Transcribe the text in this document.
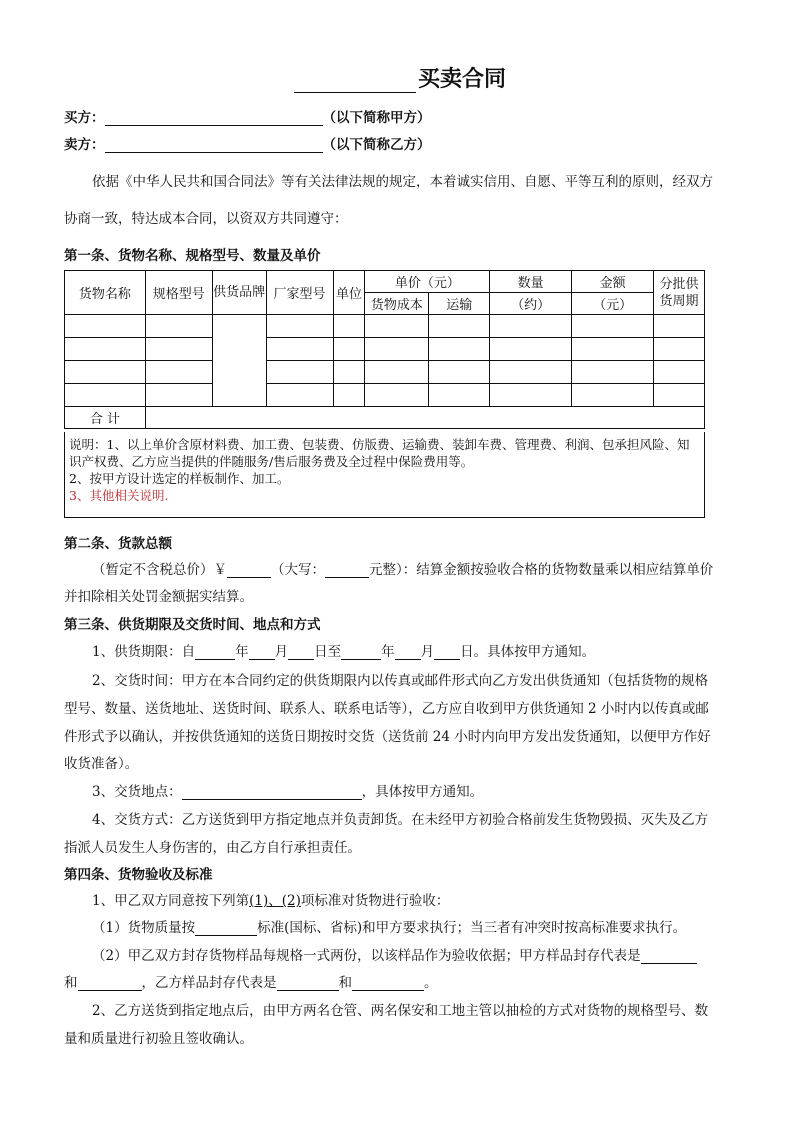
买卖合同
买方：	（以下简称甲方）
卖方：	（以下简称乙方）
依据《中华人民共和国合同法》等有关法律法规的规定，本着诚实信用、自愿、平等互利的原则，经双方
协商一致，特达成本合同，以资双方共同遵守：
第一条、货物名称、规格型号、数量及单价
货物名称	规格型号	供货品牌	厂家型号	单位	单价（元）		数量	金额	分批供货周期
					货物成本	运输	（约）	（元）	

合 计									
说明：1、以上单价含原材料费、加工费、包装费、仿版费、运输费、装卸车费、管理费、利润、包承担风险、知识产权费、乙方应当提供的伴随服务/售后服务费及全过程中保险费用等。
2、按甲方设计选定的样板制作、加工。
3、其他相关说明.
第二条、货款总额
（暂定不含税总价）￥	（大写：	元整）：结算金额按验收合格的货物数量乘以相应结算单价
并扣除相关处罚金额据实结算。
第三条、供货期限及交货时间、地点和方式
1、供货期限：自	年 月 日至	年 月 日。具体按甲方通知。
2、交货时间：甲方在本合同约定的供货期限内以传真或邮件形式向乙方发出供货通知（包括货物的规格
型号、数量、送货地址、送货时间、联系人、联系电话等），乙方应自收到甲方供货通知 2 小时内以传真或邮
件形式予以确认，并按供货通知的送货日期按时交货（送货前 24 小时内向甲方发出发货通知，以便甲方作好
收货准备）。
3、交货地点：	，具体按甲方通知。
4、交货方式：乙方送货到甲方指定地点并负责卸货。在未经甲方初验合格前发生货物毁损、灭失及乙方
指派人员发生人身伤害的，由乙方自行承担责任。
第四条、货物验收及标准
1、甲乙双方同意按下列第(1)、(2)项标准对货物进行验收：
（1）货物质量按	标准(国标、省标)和甲方要求执行；当三者有冲突时按高标准要求执行。
（2）甲乙双方封存货物样品每规格一式两份，以该样品作为验收依据；甲方样品封存代表是
和	，乙方样品封存代表是	和	。
2、乙方送货到指定地点后，由甲方两名仓管、两名保安和工地主管以抽检的方式对货物的规格型号、数
量和质量进行初验且签收确认。
